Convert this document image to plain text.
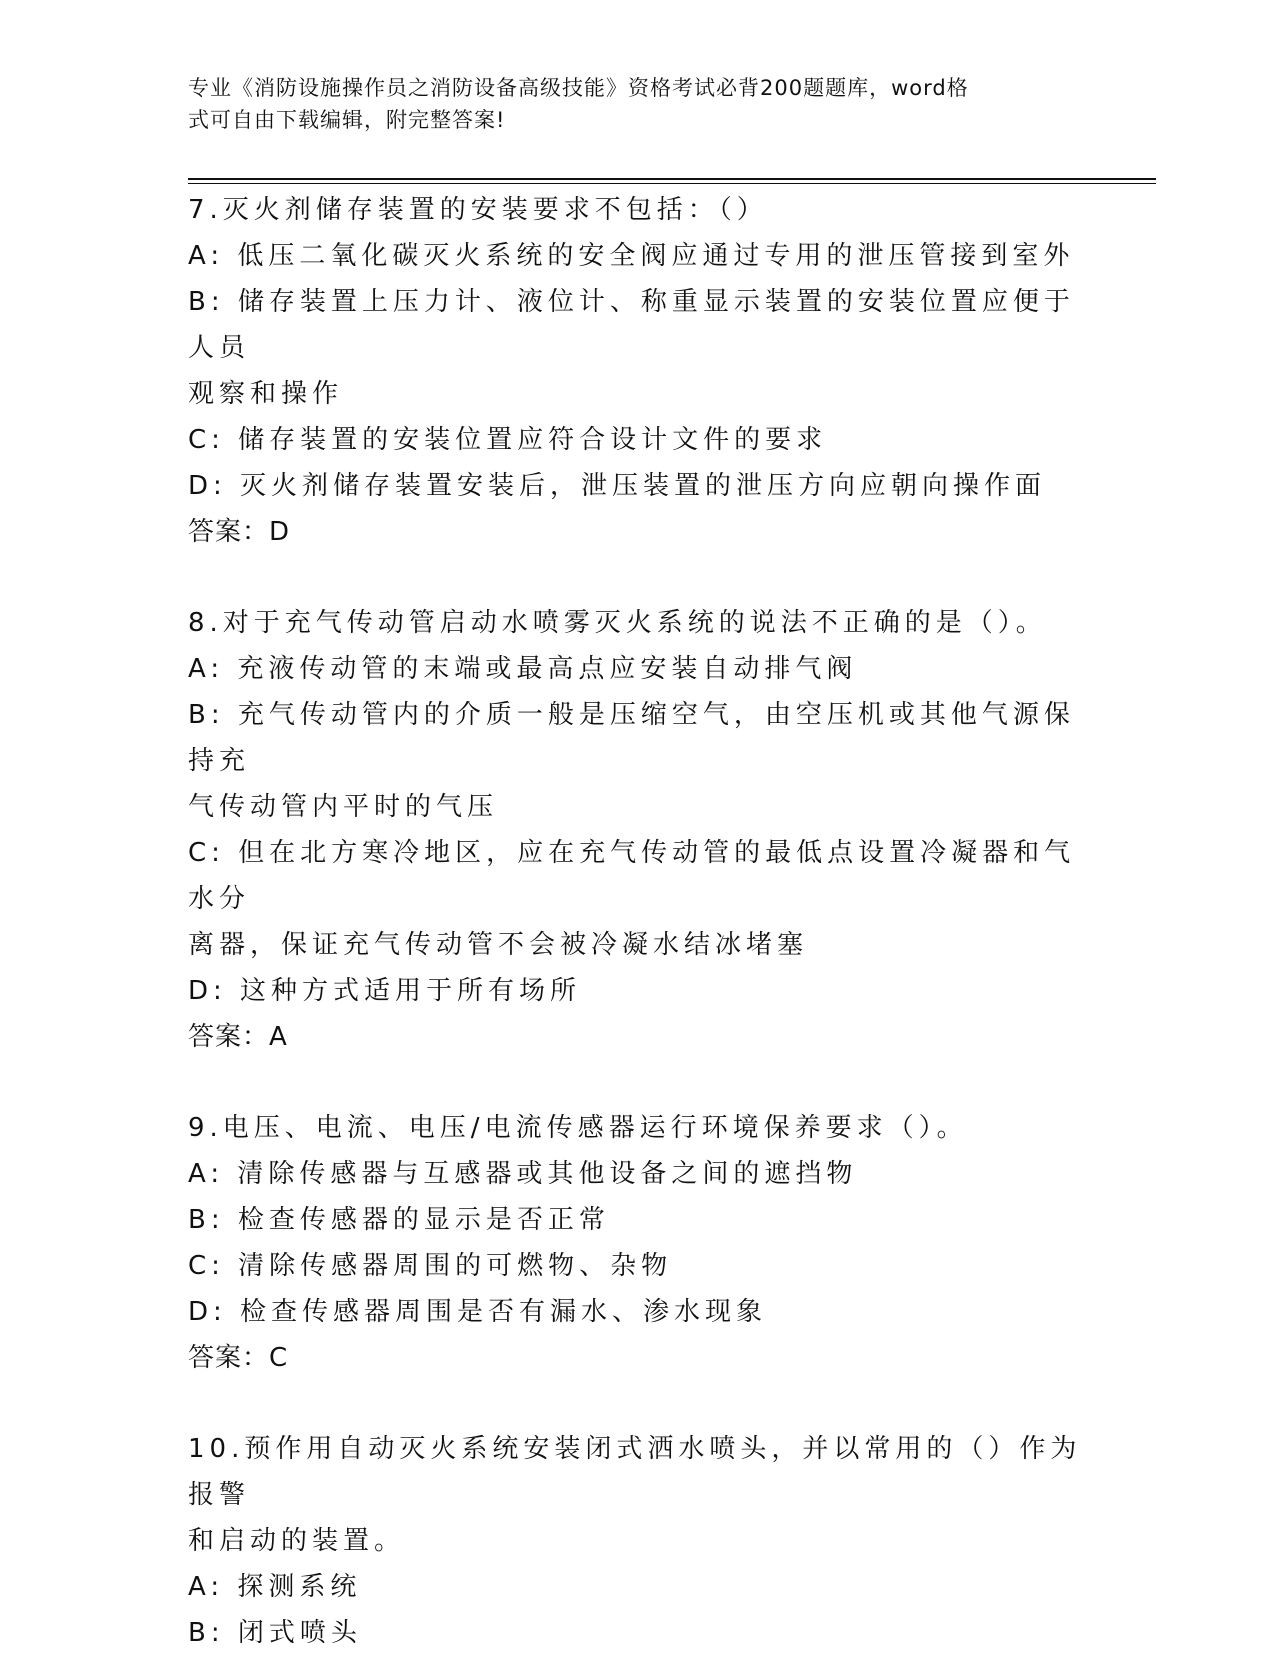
专业《消防设施操作员之消防设备高级技能》资格考试必背200题题库，word格
式可自由下载编辑，附完整答案!
7.灭火剂储存装置的安装要求不包括：（）
A: 低压二氧化碳灭火系统的安全阀应通过专用的泄压管接到室外
B: 储存装置上压力计、液位计、称重显示装置的安装位置应便于人员
观察和操作
C: 储存装置的安装位置应符合设计文件的要求
D: 灭火剂储存装置安装后，泄压装置的泄压方向应朝向操作面
答案：D
8.对于充气传动管启动水喷雾灭火系统的说法不正确的是（）。
A: 充液传动管的末端或最高点应安装自动排气阀
B: 充气传动管内的介质一般是压缩空气，由空压机或其他气源保持充
气传动管内平时的气压
C: 但在北方寒冷地区，应在充气传动管的最低点设置冷凝器和气水分
离器，保证充气传动管不会被冷凝水结冰堵塞
D: 这种方式适用于所有场所
答案：A
9.电压、电流、电压/电流传感器运行环境保养要求（）。
A: 清除传感器与互感器或其他设备之间的遮挡物
B: 检查传感器的显示是否正常
C: 清除传感器周围的可燃物、杂物
D: 检查传感器周围是否有漏水、渗水现象
答案：C
10.预作用自动灭火系统安装闭式洒水喷头，并以常用的（）作为报警
和启动的装置。
A: 探测系统
B: 闭式喷头
